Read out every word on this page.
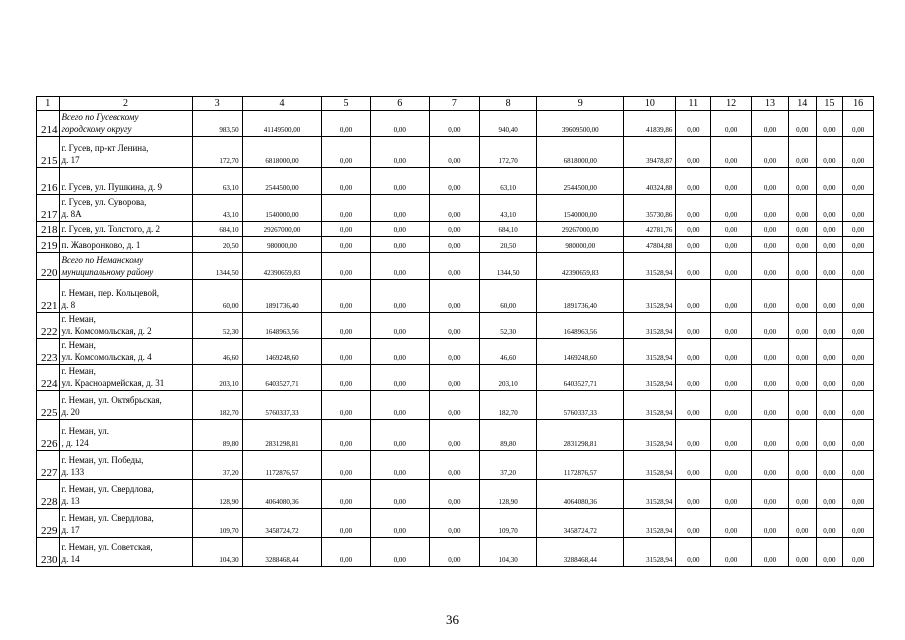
1	2	3	4	5	6	7	8	9	10	11	12	13	14	15	16
214	Всего по Гусевскому
городскому округу	983,50	41149500,00	0,00	0,00	0,00	940,40	39609500,00	41839,86	0,00	0,00	0,00	0,00	0,00	0,00
215	г. Гусев, пр-кт Ленина,
д. 17	172,70	6818000,00	0,00	0,00	0,00	172,70	6818000,00	39478,87	0,00	0,00	0,00	0,00	0,00	0,00
216	г. Гусев, ул. Пушкина, д. 9	63,10	2544500,00	0,00	0,00	0,00	63,10	2544500,00	40324,88	0,00	0,00	0,00	0,00	0,00	0,00
217	г. Гусев, ул. Суворова,
д. 8А	43,10	1540000,00	0,00	0,00	0,00	43,10	1540000,00	35730,86	0,00	0,00	0,00	0,00	0,00	0,00
218	г. Гусев, ул. Толстого, д. 2	684,10	29267000,00	0,00	0,00	0,00	684,10	29267000,00	42781,76	0,00	0,00	0,00	0,00	0,00	0,00
219	п. Жаворонково, д. 1	20,50	980000,00	0,00	0,00	0,00	20,50	980000,00	47804,88	0,00	0,00	0,00	0,00	0,00	0,00
220	Всего по Неманскому
муниципальному району	1344,50	42390659,83	0,00	0,00	0,00	1344,50	42390659,83	31528,94	0,00	0,00	0,00	0,00	0,00	0,00
221	г. Неман, пер. Кольцевой,
д. 8	60,00	1891736,40	0,00	0,00	0,00	60,00	1891736,40	31528,94	0,00	0,00	0,00	0,00	0,00	0,00
222	г. Неман,
ул. Комсомольская, д. 2	52,30	1648963,56	0,00	0,00	0,00	52,30	1648963,56	31528,94	0,00	0,00	0,00	0,00	0,00	0,00
223	г. Неман,
ул. Комсомольская, д. 4	46,60	1469248,60	0,00	0,00	0,00	46,60	1469248,60	31528,94	0,00	0,00	0,00	0,00	0,00	0,00
224	г. Неман,
ул. Красноармейская, д. 31	203,10	6403527,71	0,00	0,00	0,00	203,10	6403527,71	31528,94	0,00	0,00	0,00	0,00	0,00	0,00
225	г. Неман, ул. Октябрьская,
д. 20	182,70	5760337,33	0,00	0,00	0,00	182,70	5760337,33	31528,94	0,00	0,00	0,00	0,00	0,00	0,00
226	г. Неман, ул.
, д. 124	89,80	2831298,81	0,00	0,00	0,00	89,80	2831298,81	31528,94	0,00	0,00	0,00	0,00	0,00	0,00
227	г. Неман, ул. Победы,
д. 133	37,20	1172876,57	0,00	0,00	0,00	37,20	1172876,57	31528,94	0,00	0,00	0,00	0,00	0,00	0,00
228	г. Неман, ул. Свердлова,
д. 13	128,90	4064080,36	0,00	0,00	0,00	128,90	4064080,36	31528,94	0,00	0,00	0,00	0,00	0,00	0,00
229	г. Неман, ул. Свердлова,
д. 17	109,70	3458724,72	0,00	0,00	0,00	109,70	3458724,72	31528,94	0,00	0,00	0,00	0,00	0,00	0,00
230	г. Неман, ул. Советская,
д. 14	104,30	3288468,44	0,00	0,00	0,00	104,30	3288468,44	31528,94	0,00	0,00	0,00	0,00	0,00	0,00
36
